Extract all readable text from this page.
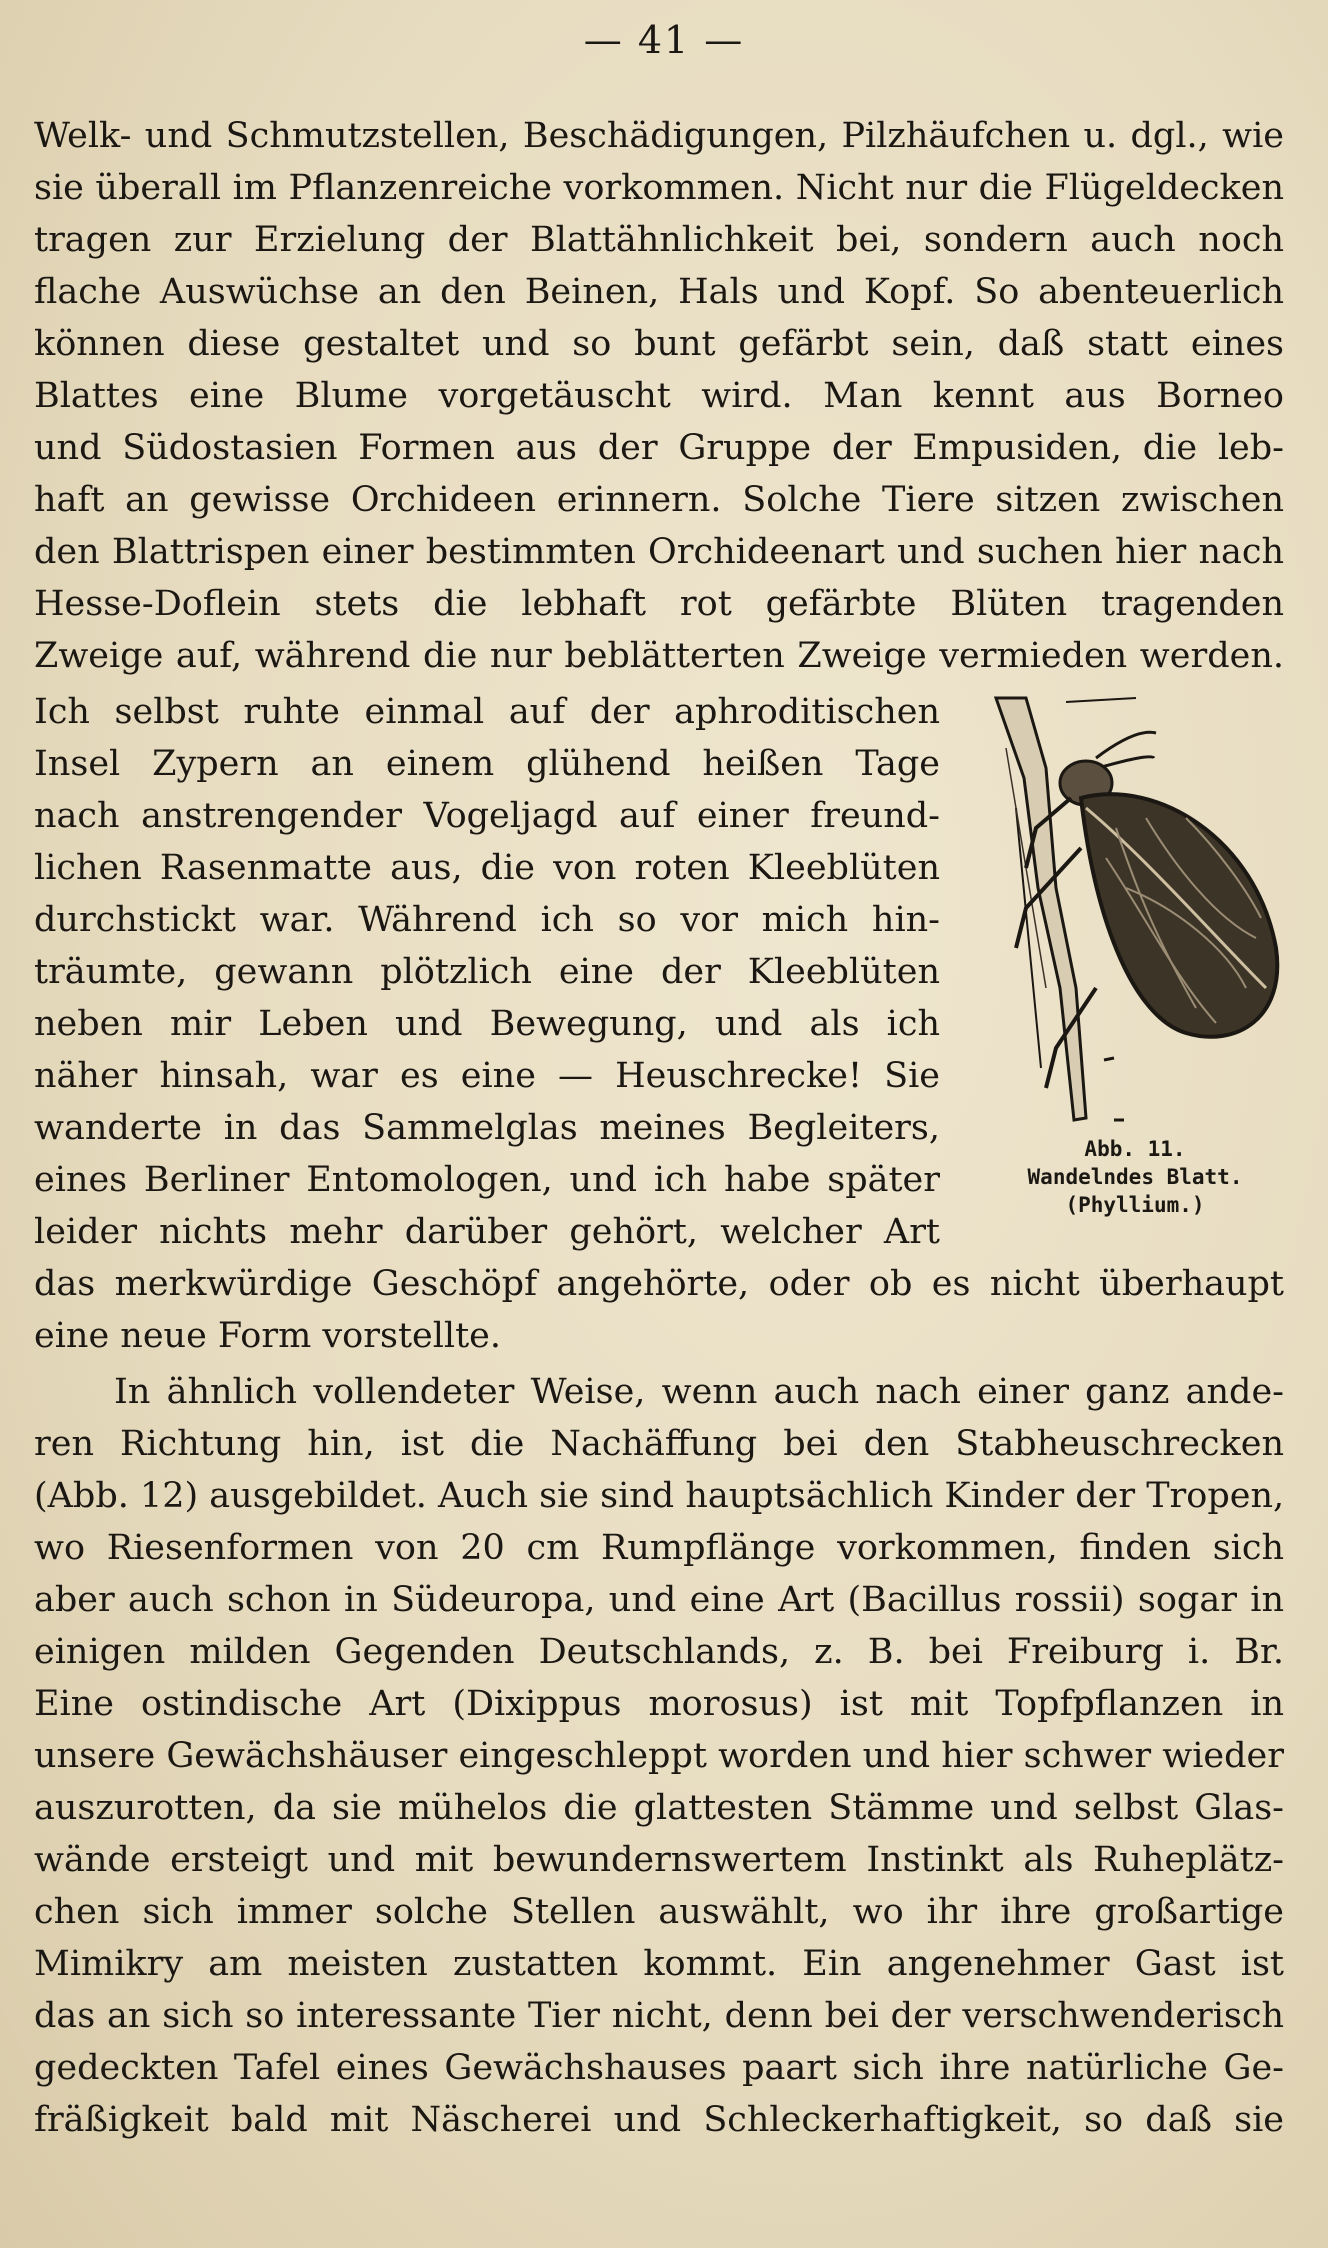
— 41 —
Welk- und Schmutzstellen, Beschädigungen, Pilzhäufchen u. dgl., wie
sie überall im Pflanzenreiche vorkommen. Nicht nur die Flügeldecken
tragen zur Erzielung der Blattähnlichkeit bei, sondern auch noch
flache Auswüchse an den Beinen, Hals und Kopf. So abenteuerlich
können diese gestaltet und so bunt gefärbt sein, daß statt eines
Blattes eine Blume vorgetäuscht wird. Man kennt aus Borneo
und Südostasien Formen aus der Gruppe der Empusiden, die leb-
haft an gewisse Orchideen erinnern. Solche Tiere sitzen zwischen
den Blattrispen einer bestimmten Orchideenart und suchen hier nach
Hesse-Doflein stets die lebhaft rot gefärbte Blüten tragenden
Zweige auf, während die nur beblätterten Zweige vermieden werden.
Ich selbst ruhte einmal auf der aphroditischen
Insel Zypern an einem glühend heißen Tage
nach anstrengender Vogeljagd auf einer freund-
lichen Rasenmatte aus, die von roten Kleeblüten
durchstickt war. Während ich so vor mich hin-
träumte, gewann plötzlich eine der Kleeblüten
neben mir Leben und Bewegung, und als ich
näher hinsah, war es eine — Heuschrecke! Sie
wanderte in das Sammelglas meines Begleiters,
eines Berliner Entomologen, und ich habe später
leider nichts mehr darüber gehört, welcher Art
Abb. 11.
Wandelndes Blatt.
(Phyllium.)
das merkwürdige Geschöpf angehörte, oder ob es nicht überhaupt
eine neue Form vorstellte.
In ähnlich vollendeter Weise, wenn auch nach einer ganz ande-
ren Richtung hin, ist die Nachäffung bei den Stabheuschrecken
(Abb. 12) ausgebildet. Auch sie sind hauptsächlich Kinder der Tropen,
wo Riesenformen von 20 cm Rumpflänge vorkommen, finden sich
aber auch schon in Südeuropa, und eine Art (Bacillus rossii) sogar in
einigen milden Gegenden Deutschlands, z. B. bei Freiburg i. Br.
Eine ostindische Art (Dixippus morosus) ist mit Topfpflanzen in
unsere Gewächshäuser eingeschleppt worden und hier schwer wieder
auszurotten, da sie mühelos die glattesten Stämme und selbst Glas-
wände ersteigt und mit bewundernswertem Instinkt als Ruheplätz-
chen sich immer solche Stellen auswählt, wo ihr ihre großartige
Mimikry am meisten zustatten kommt. Ein angenehmer Gast ist
das an sich so interessante Tier nicht, denn bei der verschwenderisch
gedeckten Tafel eines Gewächshauses paart sich ihre natürliche Ge-
fräßigkeit bald mit Näscherei und Schleckerhaftigkeit, so daß sie
